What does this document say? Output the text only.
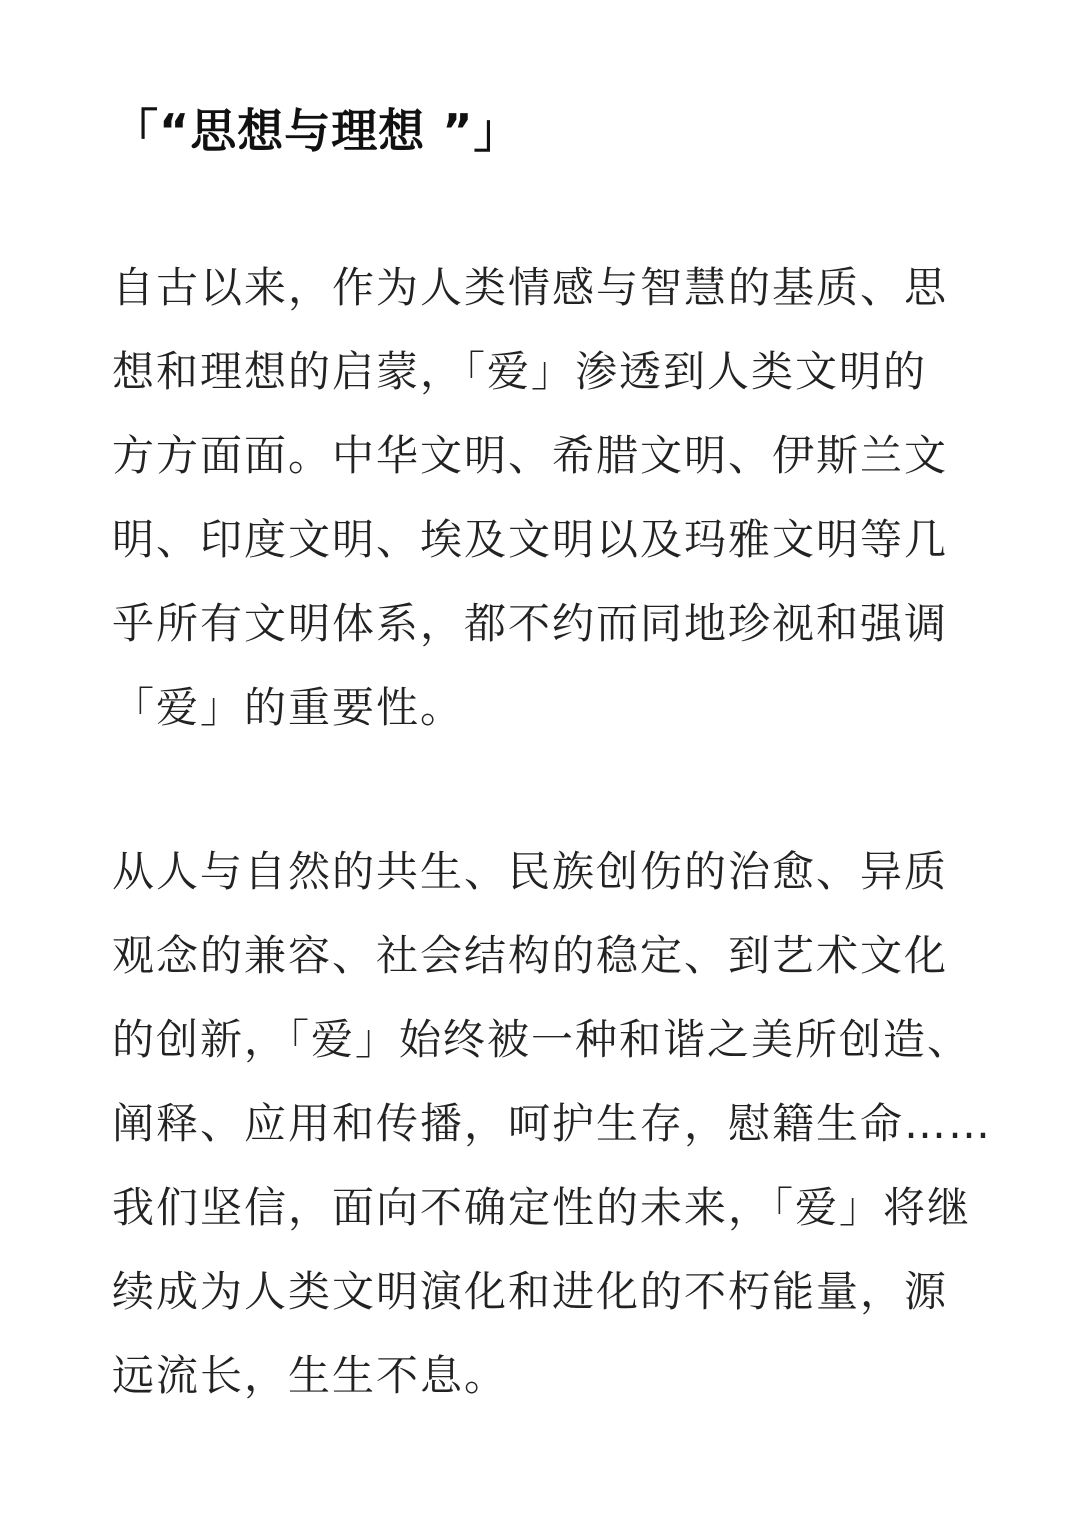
「“思想与理想 ”」
自古以来，作为人类情感与智慧的基质、思
想和理想的启蒙，「爱」渗透到人类文明的
方方面面。中华文明、希腊文明、伊斯兰文
明、印度文明、埃及文明以及玛雅文明等几
乎所有文明体系，都不约而同地珍视和强调
「爱」的重要性。
从人与自然的共生、民族创伤的治愈、异质
观念的兼容、社会结构的稳定、到艺术文化
的创新，「爱」始终被一种和谐之美所创造、
阐释、应用和传播，呵护生存，慰籍生命……
我们坚信，面向不确定性的未来，「爱」将继
续成为人类文明演化和进化的不朽能量，源
远流长，生生不息。
